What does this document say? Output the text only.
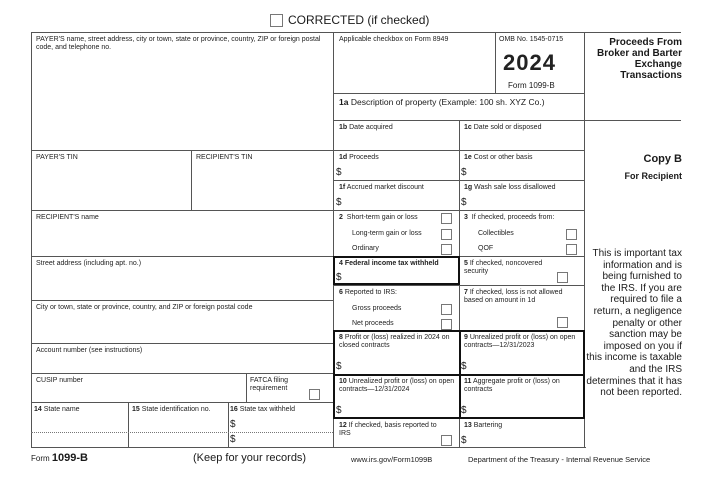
CORRECTED (if checked)
PAYER'S name, street address, city or town, state or province, country, ZIP or foreign postal code, and telephone no.
PAYER'S TIN	RECIPIENT'S TIN
RECIPIENT'S name
Street address (including apt. no.)
City or town, state or province, country, and ZIP or foreign postal code
Account number (see instructions)
CUSIP number	FATCA filing requirement
14 State name	15 State identification no.	16 State tax withheld
$
$
Applicable checkbox on Form 8949	OMB No. 1545-0715
2024
Form 1099-B
Proceeds From Broker and Barter Exchange Transactions
Copy B
For Recipient
This is important tax information and is being furnished to the IRS. If you are required to file a return, a negligence penalty or other sanction may be imposed on you if this income is taxable and the IRS determines that it has not been reported.
1a Description of property (Example: 100 sh. XYZ Co.)
1b Date acquired	1c Date sold or disposed
1d Proceeds
$
1e Cost or other basis
$
1f Accrued market discount
$
1g Wash sale loss disallowed
$
2 Short-term gain or loss
Long-term gain or loss
Ordinary
3 If checked, proceeds from:
Collectibles
QOF
4 Federal income tax withheld
$
5 If checked, noncovered security
6 Reported to IRS:
Gross proceeds
Net proceeds
7 If checked, loss is not allowed based on amount in 1d
8 Profit or (loss) realized in 2024 on closed contracts
$
9 Unrealized profit or (loss) on open contracts—12/31/2023
$
10 Unrealized profit or (loss) on open contracts—12/31/2024
$
11 Aggregate profit or (loss) on contracts
$
12 If checked, basis reported to IRS
13 Bartering
$
Form 1099-B	(Keep for your records)	www.irs.gov/Form1099B	Department of the Treasury - Internal Revenue Service
